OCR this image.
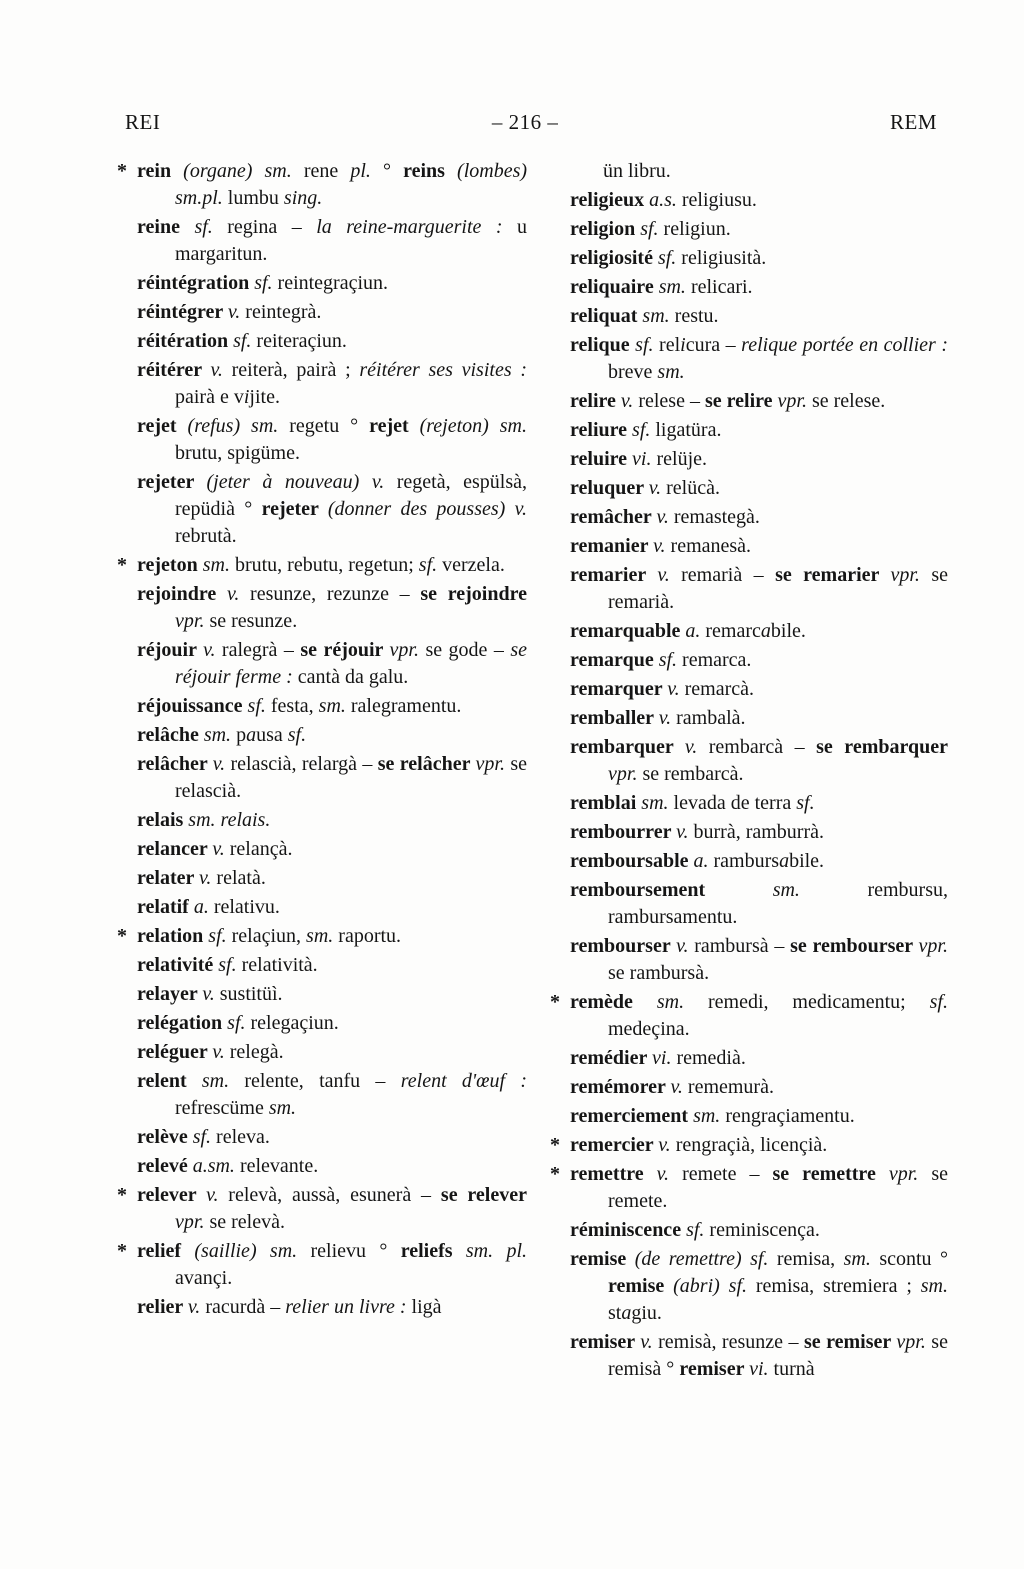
REI	– 216 –	REM
* rein (organe) sm. rene pl. ° reins (lombes) sm.pl. lumbu sing.
reine sf. regina – la reine-marguerite : u margaritun.
réintégration sf. reintegraçiun.
réintégrer v. reintegrà.
réitération sf. reiteraçiun.
réitérer v. reiterà, pairà ; réitérer ses visites : pairà e vijite.
rejet (refus) sm. regetu ° rejet (rejeton) sm. brutu, spigüme.
rejeter (jeter à nouveau) v. regetà, espülsà, repüdià ° rejeter (donner des pousses) v. rebrutà.
* rejeton sm. brutu, rebutu, regetun; sf. verzela.
rejoindre v. resunze, rezunze – se rejoindre vpr. se resunze.
réjouir v. ralegrà – se réjouir vpr. se gode – se réjouir ferme : cantà da galu.
réjouissance sf. festa, sm. ralegramentu.
relâche sm. pausa sf.
relâcher v. relascià, relargà – se relâcher vpr. se relascià.
relais sm. relais.
relancer v. relançà.
relater v. relatà.
relatif a. relativu.
* relation sf. relaçiun, sm. raportu.
relativité sf. relatività.
relayer v. sustitüì.
relégation sf. relegaçiun.
reléguer v. relegà.
relent sm. relente, tanfu – relent d'œuf : refrescüme sm.
relève sf. releva.
relevé a.sm. relevante.
* relever v. relevà, aussà, esunerà – se relever vpr. se relevà.
* relief (saillie) sm. relievu ° reliefs sm. pl. avançi.
relier v. racurdà – relier un livre : ligà
ün libru.
religieux a.s. religiusu.
religion sf. religiun.
religiosité sf. religiusità.
reliquaire sm. relicari.
reliquat sm. restu.
relique sf. relicura – relique portée en collier : breve sm.
relire v. relese – se relire vpr. se relese.
reliure sf. ligatüra.
reluire vi. relüje.
reluquer v. relücà.
remâcher v. remastegà.
remanier v. remanesà.
remarier v. remarià – se remarier vpr. se remarià.
remarquable a. remarcabile.
remarque sf. remarca.
remarquer v. remarcà.
remballer v. rambalà.
rembarquer v. rembarcà – se rembarquer vpr. se rembarcà.
remblai sm. levada de terra sf.
rembourrer v. burrà, ramburrà.
remboursable a. rambursabile.
remboursement sm. rembursu, rambursamentu.
rembourser v. rambursà – se rembourser vpr. se rambursà.
* remède sm. remedi, medicamentu; sf. medeçina.
remédier vi. remedià.
remémorer v. rememurà.
remerciement sm. rengraçiamentu.
* remercier v. rengraçià, licençià.
* remettre v. remete – se remettre vpr. se remete.
réminiscence sf. reminiscença.
remise (de remettre) sf. remisa, sm. scontu ° remise (abri) sf. remisa, stremiera ; sm. stagiu.
remiser v. remisà, resunze – se remiser vpr. se remisà ° remiser vi. turnà
